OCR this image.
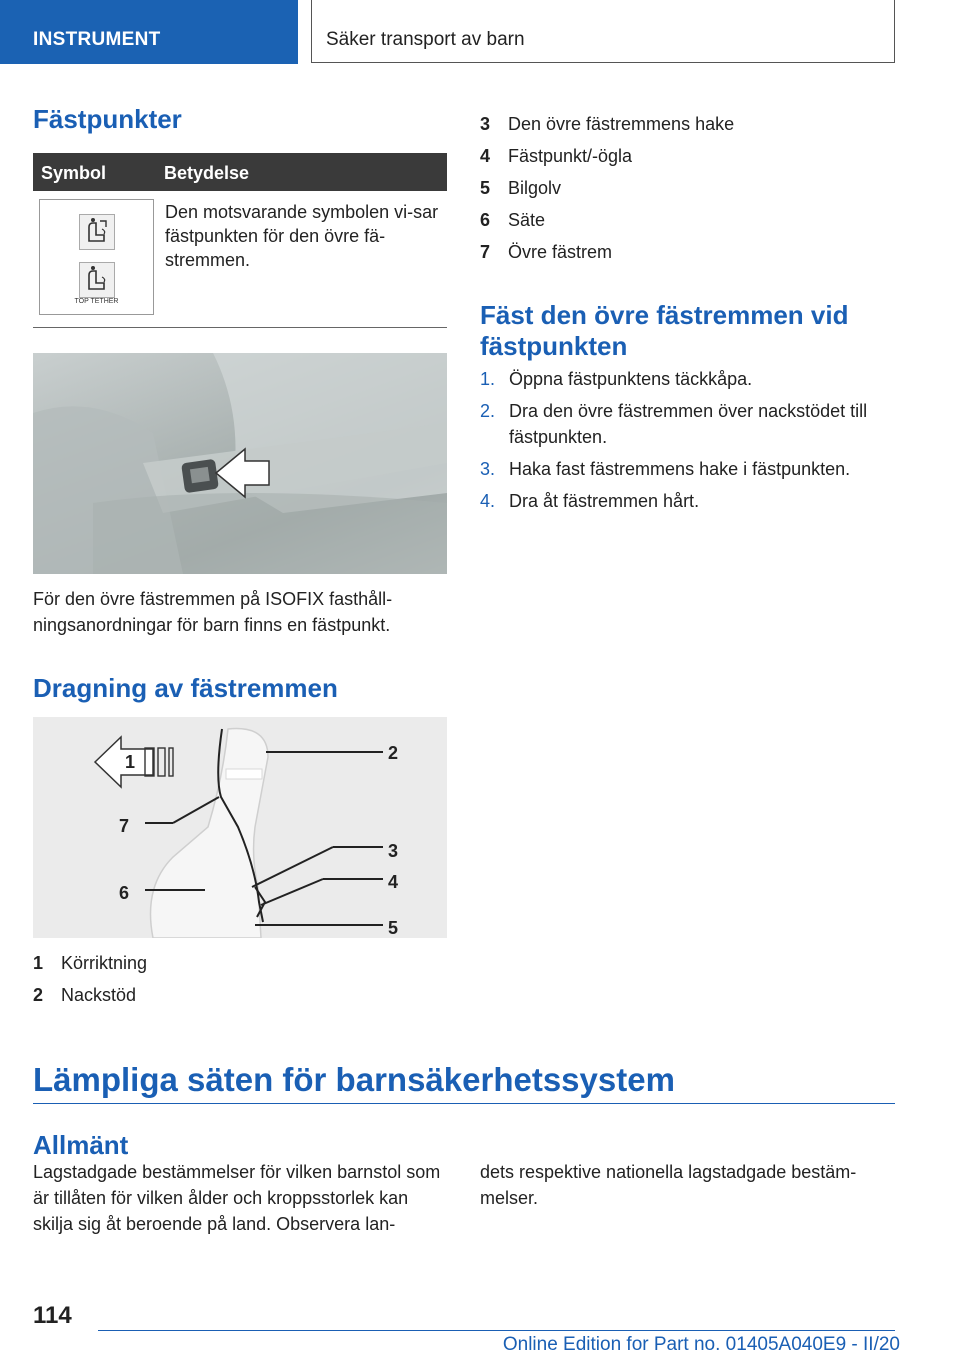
INSTRUMENT	Säker transport av barn
Fästpunkter
Symbol	Betydelse
TOP TETHER
Den motsvarande symbolen vi-sar fästpunkten för den övre fä-stremmen.
För den övre fästremmen på ISOFIX fasthåll-ningsanordningar för barn finns en fästpunkt.
Dragning av fästremmen
1	2
3
4
5
6
7
1 Körriktning
2 Nackstöd
3 Den övre fästremmens hake
4 Fästpunkt/-ögla
5 Bilgolv
6 Säte
7 Övre fästrem
Fäst den övre fästremmen vid fästpunkten
1. Öppna fästpunktens täckkåpa.
2. Dra den övre fästremmen över nackstödet till fästpunkten.
3. Haka fast fästremmens hake i fästpunkten.
4. Dra åt fästremmen hårt.
Lämpliga säten för barnsäkerhetssystem
Allmänt
Lagstadgade bestämmelser för vilken barnstol som är tillåten för vilken ålder och kroppsstorlek kan skilja sig åt beroende på land. Observera lan-
dets respektive nationella lagstadgade bestäm-melser.
114
Online Edition for Part no. 01405A040E9 - II/20
